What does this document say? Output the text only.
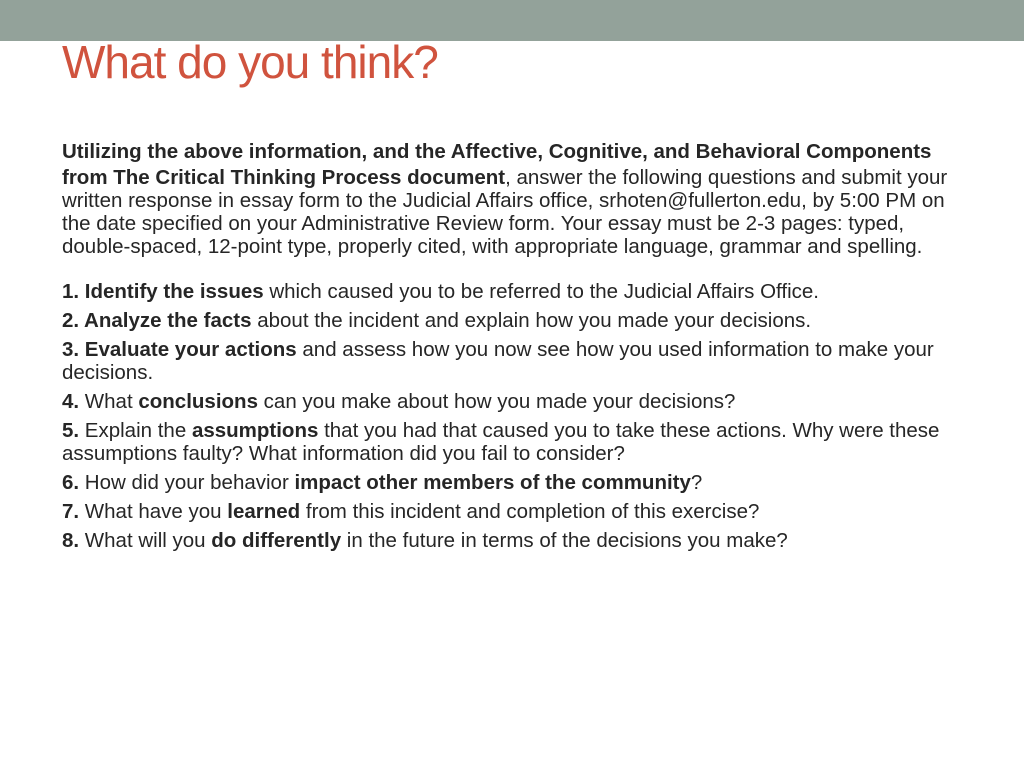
What do you think?

Utilizing the above information, and the Affective, Cognitive, and Behavioral Components

from The Critical Thinking Process document, answer the following questions and submit your written response in essay form to the Judicial Affairs office, srhoten@fullerton.edu, by 5:00 PM on the date specified on your Administrative Review form. Your essay must be 2-3 pages: typed, double-spaced, 12-point type, properly cited, with appropriate language, grammar and spelling.

1. Identify the issues which caused you to be referred to the Judicial Affairs Office.

2. Analyze the facts about the incident and explain how you made your decisions.

3. Evaluate your actions and assess how you now see how you used information to make your decisions.

4. What conclusions can you make about how you made your decisions?

5. Explain the assumptions that you had that caused you to take these actions. Why were these assumptions faulty? What information did you fail to consider?

6. How did your behavior impact other members of the community?

7. What have you learned from this incident and completion of this exercise?

8. What will you do differently in the future in terms of the decisions you make?
